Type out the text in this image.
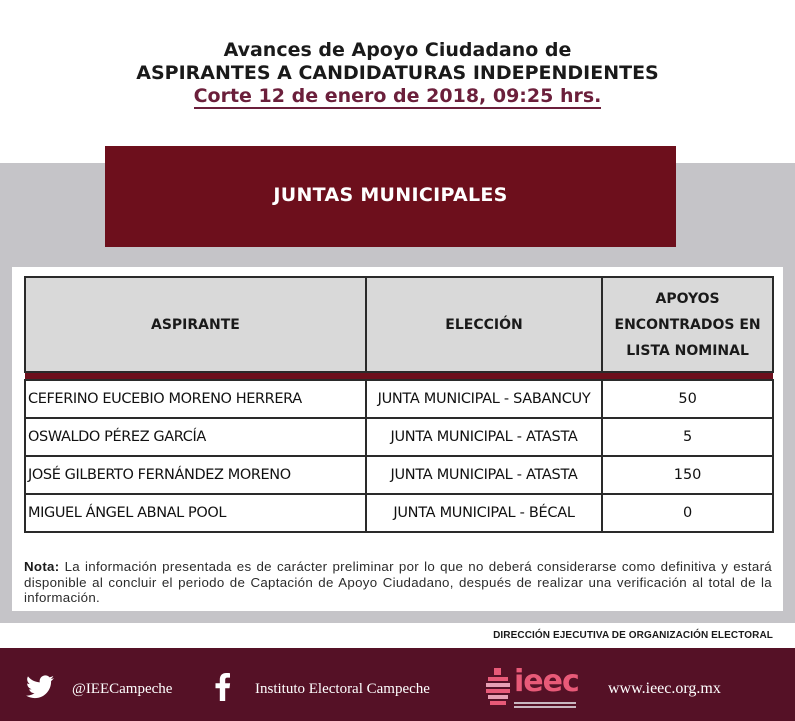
Avances de Apoyo Ciudadano de
ASPIRANTES A CANDIDATURAS INDEPENDIENTES
Corte 12 de enero de 2018, 09:25 hrs.
JUNTAS MUNICIPALES
ASPIRANTE	ELECCIÓN	APOYOS ENCONTRADOS EN LISTA NOMINAL

CEFERINO EUCEBIO MORENO HERRERA	JUNTA MUNICIPAL - SABANCUY	50
OSWALDO PÉREZ GARCÍA	JUNTA MUNICIPAL - ATASTA	5
JOSÉ GILBERTO FERNÁNDEZ MORENO	JUNTA MUNICIPAL - ATASTA	150
MIGUEL ÁNGEL ABNAL POOL	JUNTA MUNICIPAL - BÉCAL	0
Nota: La información presentada es de carácter preliminar por lo que no deberá considerarse como definitiva y estará disponible al concluir el periodo de Captación de Apoyo Ciudadano, después de realizar una verificación al total de la información.
DIRECCIÓN EJECUTIVA DE ORGANIZACIÓN ELECTORAL
@IEECampeche	Instituto Electoral Campeche	ieec www.ieec.org.mx
